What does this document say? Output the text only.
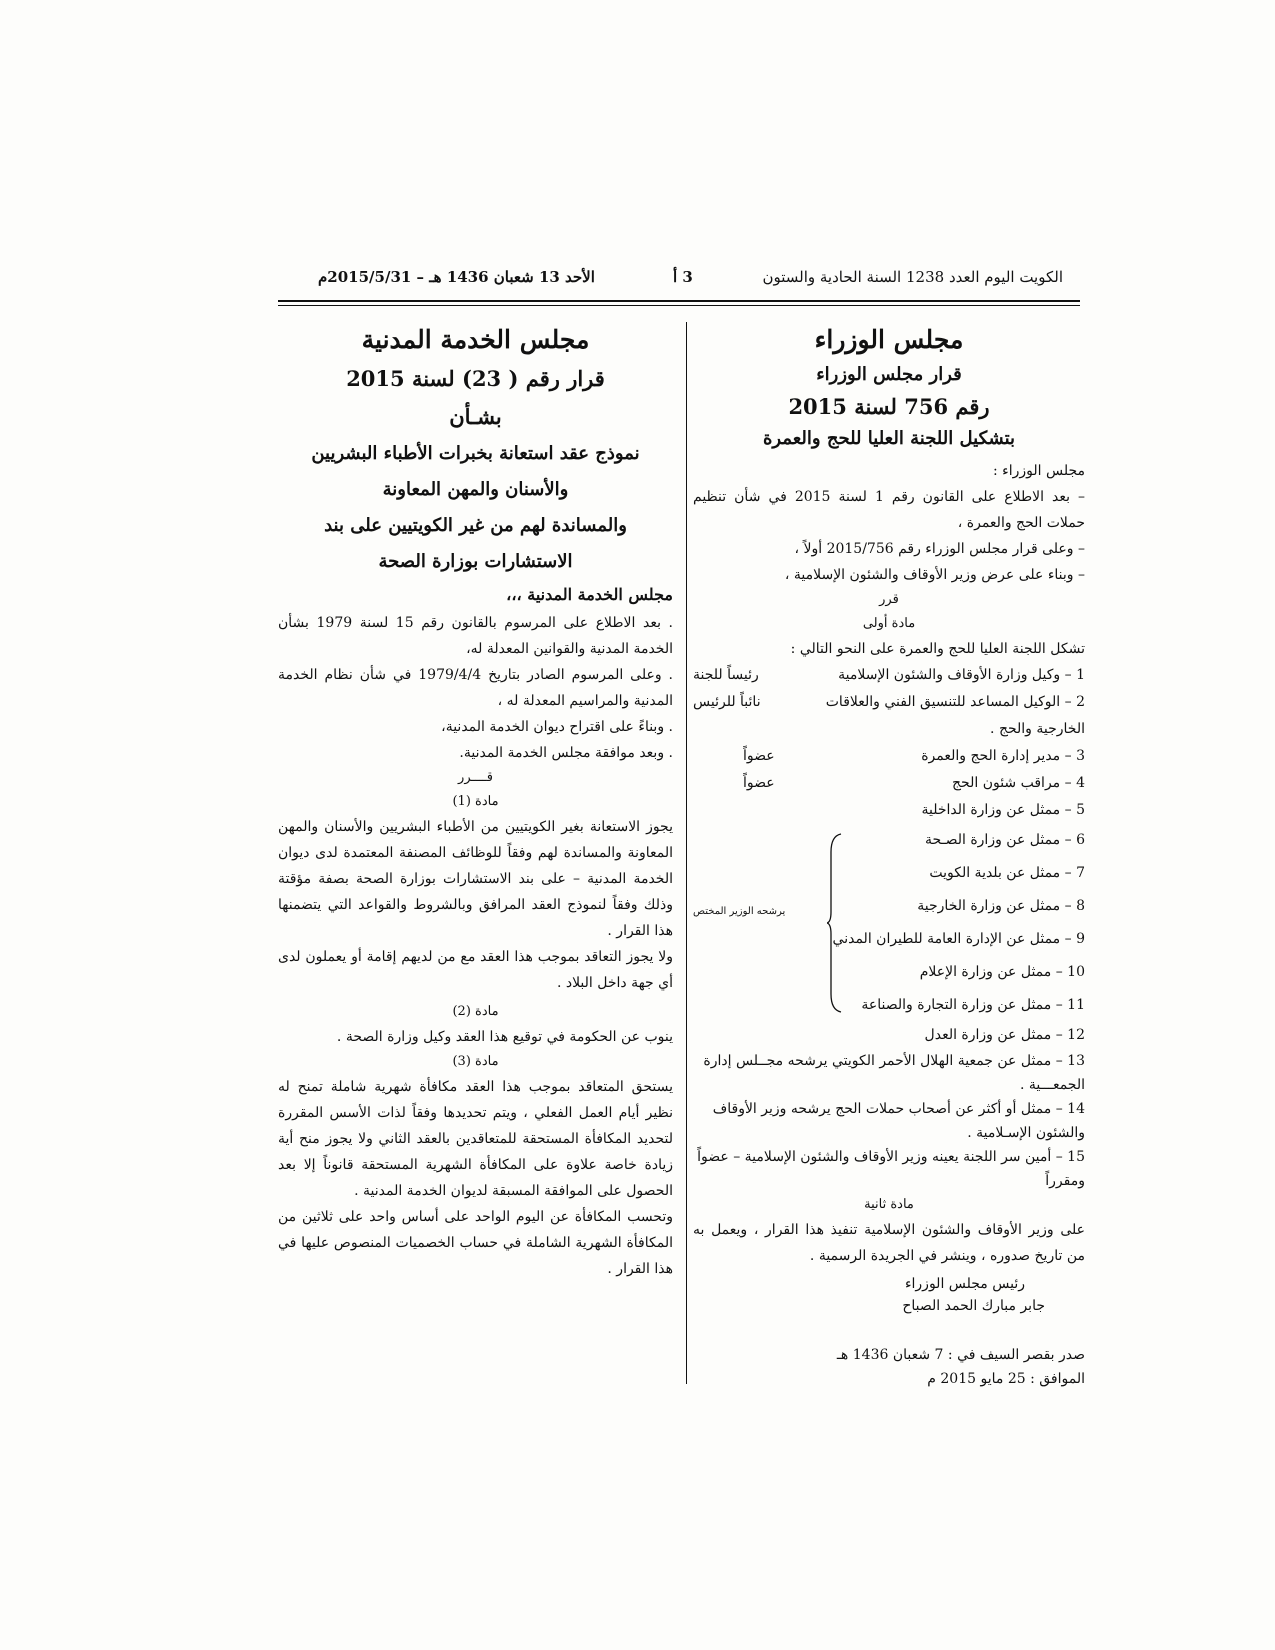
الكويت اليوم العدد 1238 السنة الحادية والستون
3 أ
الأحد 13 شعبان 1436 هـ – 2015/5/31م

مجلس الوزراء

قرار مجلس الوزراء

رقم 756 لسنة 2015

بتشكيل اللجنة العليا للحج والعمرة

مجلس الوزراء :

– بعد الاطلاع على القانون رقم 1 لسنة 2015 في شأن تنظيم حملات الحج والعمرة ،

– وعلى قرار مجلس الوزراء رقم 2015/756 أولاً ،

– وبناء على عرض وزير الأوقاف والشئون الإسلامية ،

قرر

مادة أولى

تشكل اللجنة العليا للحج والعمرة على النحو التالي :

1 – وكيل وزارة الأوقاف والشئون الإسلامية
رئيساً للجنة
2 – الوكيل المساعد للتنسيق الفني والعلاقات الخارجية والحج .
نائباً للرئيس
3 – مدير إدارة الحج والعمرة
عضواً
4 – مراقب شئون الحج
عضواً
5 – ممثل عن وزارة الداخلية
6 – ممثل عن وزارة الصـحة
7 – ممثل عن بلدية الكويت
8 – ممثل عن وزارة الخارجية
9 – ممثل عن الإدارة العامة للطيران المدني
10 – ممثل عن وزارة الإعلام
11 – ممثل عن وزارة التجارة والصناعة
يرشحه الوزير المختص
12 – ممثل عن وزارة العدل
13 – ممثل عن جمعية الهلال الأحمر الكويتي يرشحه مجــلس إدارة الجمعـــية .
14 – ممثل أو أكثر عن أصحاب حملات الحج يرشحه وزير الأوقاف والشئون الإسـلامية .
15 – أمين سر اللجنة يعينه وزير الأوقاف والشئون الإسلامية – عضواً ومقرراً

مادة ثانية

على وزير الأوقاف والشئون الإسلامية تنفيذ هذا القرار ، ويعمل به من تاريخ صدوره ، وينشر في الجريدة الرسمية .

رئيس مجلس الوزراء

جابر مبارك الحمد الصباح

صدر بقصر السيف في : 7 شعبان 1436 هـ

الموافق : 25 مايو 2015 م

مجلس الخدمة المدنية

قرار رقم ( 23) لسنة 2015

بشـأن

نموذج عقد استعانة بخبرات الأطباء البشريين

والأسنان والمهن المعاونة

والمساندة لهم من غير الكويتيين على بند

الاستشارات بوزارة الصحة

مجلس الخدمة المدنية ،،،

. بعد الاطلاع على المرسوم بالقانون رقم 15 لسنة 1979 بشأن الخدمة المدنية والقوانين المعدلة له،

. وعلى المرسوم الصادر بتاريخ 1979/4/4 في شأن نظام الخدمة المدنية والمراسيم المعدلة له ،

. وبناءً على اقتراح ديوان الخدمة المدنية،

. وبعد موافقة مجلس الخدمة المدنية.

قــــرر

مادة (1)

يجوز الاستعانة بغير الكويتيين من الأطباء البشريين والأسنان والمهن المعاونة والمساندة لهم وفقاً للوظائف المصنفة المعتمدة لدى ديوان الخدمة المدنية – على بند الاستشارات بوزارة الصحة بصفة مؤقتة وذلك وفقاً لنموذج العقد المرافق وبالشروط والقواعد التي يتضمنها هذا القرار .

ولا يجوز التعاقد بموجب هذا العقد مع من لديهم إقامة أو يعملون لدى أي جهة داخل البلاد .

مادة (2)

ينوب عن الحكومة في توقيع هذا العقد وكيل وزارة الصحة .

مادة (3)

يستحق المتعاقد بموجب هذا العقد مكافأة شهرية شاملة تمنح له نظير أيام العمل الفعلي ، ويتم تحديدها وفقاً لذات الأسس المقررة لتحديد المكافأة المستحقة للمتعاقدين بالعقد الثاني ولا يجوز منح أية زيادة خاصة علاوة على المكافأة الشهرية المستحقة قانوناً إلا بعد الحصول على الموافقة المسبقة لديوان الخدمة المدنية .

وتحسب المكافأة عن اليوم الواحد على أساس واحد على ثلاثين من المكافأة الشهرية الشاملة في حساب الخصميات المنصوص عليها في هذا القرار .
